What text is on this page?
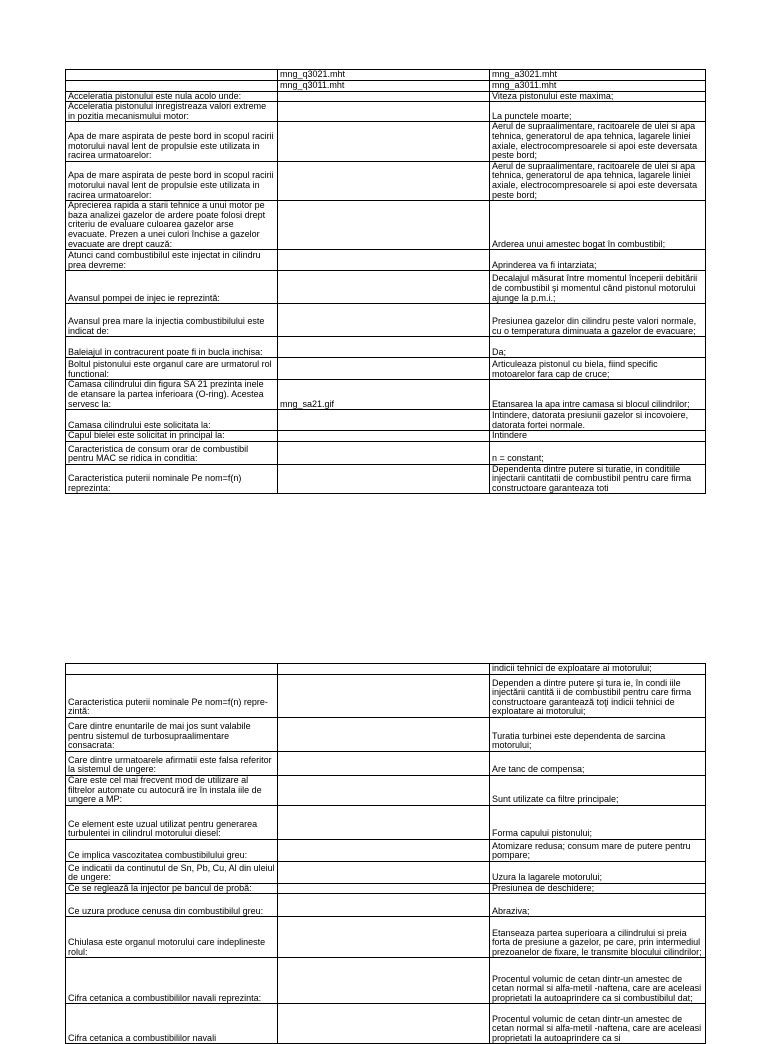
	mng_q3021.mht	mng_a3021.mht
	mng_q3011.mht	mng_a3011.mht
Acceleratia pistonului este nula acolo unde:		Viteza pistonului este maxima;
Acceleratia pistonului inregistreaza valori extreme in pozitia mecanismului motor:		La punctele moarte;
Apa de mare aspirata de peste bord in scopul racirii motorului naval lent de propulsie este utilizata in racirea urmatoarelor:		Aerul de supraalimentare, racitoarele de ulei si apa tehnica, generatorul de apa tehnica, lagarele liniei axiale, electrocompresoarele si apoi este deversata peste bord;
Apa de mare aspirata de peste bord in scopul racirii motorului naval lent de propulsie este utilizata in racirea urmatoarelor:		Aerul de supraalimentare, racitoarele de ulei si apa tehnica, generatorul de apa tehnica, lagarele liniei axiale, electrocompresoarele si apoi este deversata peste bord;
Aprecierea rapida a starii tehnice a unui motor pe baza analizei gazelor de ardere poate folosi drept criteriu de evaluare culoarea gazelor arse evacuate. Prezen a unei culori închise a gazelor evacuate are drept cauză:		Arderea unui amestec bogat în combustibil;
Atunci cand combustibilul este injectat in cilindru prea devreme:		Aprinderea va fi intarziata;
Avansul pompei de injec ie reprezintă:		Decalajul măsurat între momentul începerii debitării de combustibil şi momentul când pistonul motorului ajunge la p.m.i.;
Avansul prea mare la injectia combustibilului este indicat de:		Presiunea gazelor din cilindru peste valori normale, cu o temperatura diminuata a gazelor de evacuare;
Baleiajul in contracurent poate fi in bucla inchisa:		Da;
Boltul pistonului este organul care are urmatorul rol functional:		Articuleaza pistonul cu biela, fiind specific motoarelor fara cap de cruce;
Camasa cilindrului din figura SA 21 prezinta inele de etansare la partea inferioara (O-ring). Acestea servesc la:	mng_sa21.gif	Etansarea la apa intre camasa si blocul cilindrilor;
Camasa cilindrului este solicitata la:		Intindere, datorata presiunii gazelor si incovoiere, datorata fortei normale.
Capul bielei este solicitat in principal la:		Intindere
Caracteristica de consum orar de combustibil pentru MAC se ridica in conditia:		n = constant;
Caracteristica puterii nominale Pe nom=f(n) reprezinta:		Dependenta dintre putere si turatie, in conditiile injectarii cantitatii de combustibil pentru care firma constructoare garanteaza toti
		indicii tehnici de exploatare ai motorului;
Caracteristica puterii nominale Pe nom=f(n) repre-zintă:		Dependen a dintre putere şi tura ie, în condi iile injectării cantită ii de combustibil pentru care firma constructoare garantează toţi indicii tehnici de exploatare ai motorului;
Care dintre enuntarile de mai jos sunt valabile pentru sistemul de turbosupraalimentare consacrata:		Turatia turbinei este dependenta de sarcina motorului;
Care dintre urmatoarele afirmatii este falsa referitor la sistemul de ungere:		Are tanc de compensa;
Care este cel mai frecvent mod de utilizare al filtrelor automate cu autocură ire în instala iile de ungere a MP:		Sunt utilizate ca filtre principale;
Ce element este uzual utilizat pentru generarea turbulentei in cilindrul motorului diesel:		Forma capului pistonului;
Ce implica vascozitatea combustibilului greu:		Atomizare redusa; consum mare de putere pentru pompare;
Ce indicatii da continutul de Sn, Pb, Cu, Al din uleiul de ungere:		Uzura la lagarele motorului;
Ce se reglează la injector pe bancul de probă:		Presiunea de deschidere;
Ce uzura produce cenusa din combustibilul greu:		Abraziva;
Chiulasa este organul motorului care indeplineste rolul:		Etanseaza partea superioara a cilindrului si preia forta de presiune a gazelor, pe care, prin intermediul prezoanelor de fixare, le transmite blocului cilindrilor;
Cifra cetanica a combustibililor navali reprezinta:		Procentul volumic de cetan dintr-un amestec de cetan normal si alfa-metil -naftena, care are aceleasi proprietati la autoaprindere ca si combustibilul dat;
Cifra cetanica a combustibililor navali		Procentul volumic de cetan dintr-un amestec de cetan normal si alfa-metil -naftena, care are aceleasi proprietati la autoaprindere ca si
